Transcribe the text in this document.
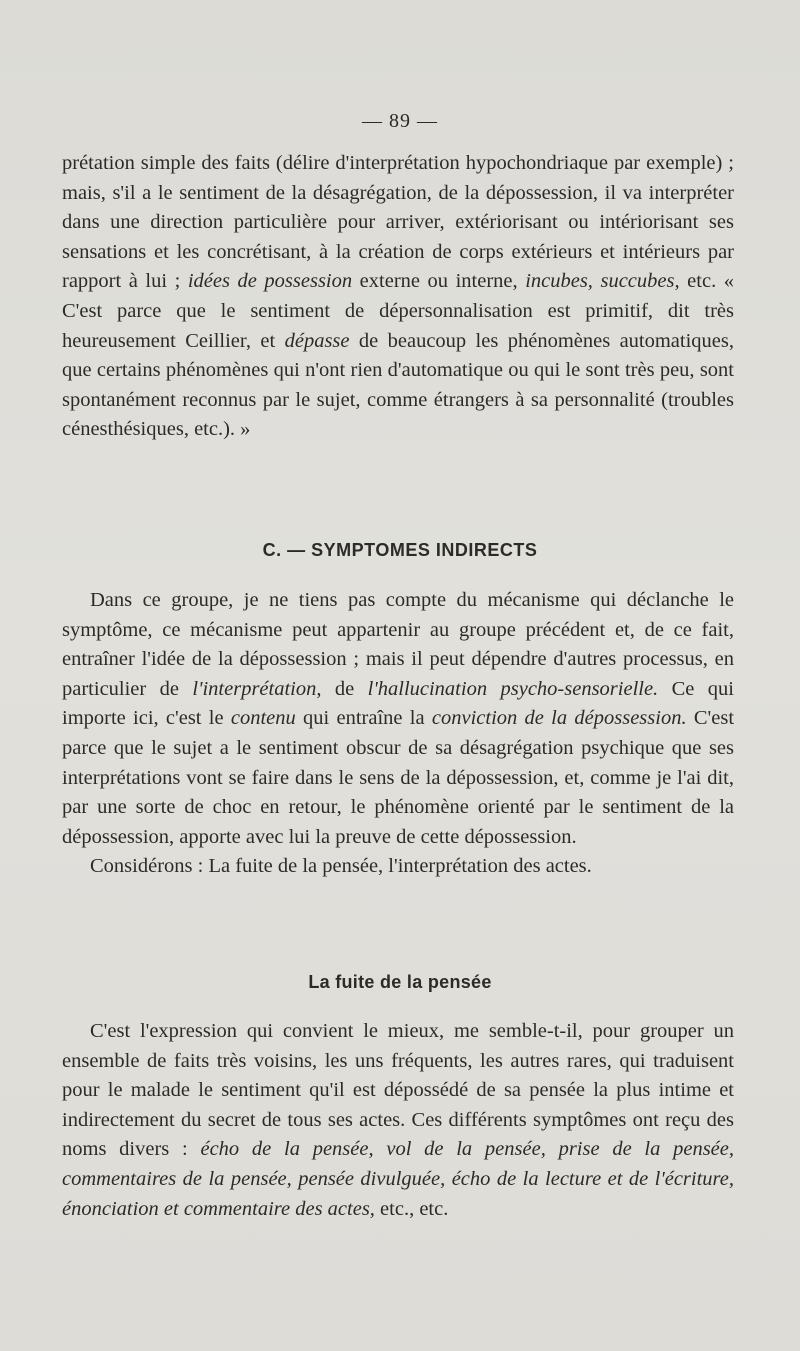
— 89 —

prétation simple des faits (délire d'interprétation hypochondriaque par exemple) ; mais, s'il a le sentiment de la désagrégation, de la dépossession, il va interpréter dans une direction particulière pour arriver, extériorisant ou intériorisant ses sensations et les concrétisant, à la création de corps extérieurs et intérieurs par rapport à lui ; idées de possession externe ou interne, incubes, succubes, etc. « C'est parce que le sentiment de dépersonnalisation est primitif, dit très heureusement Ceillier, et dépasse de beaucoup les phénomènes automatiques, que certains phénomènes qui n'ont rien d'automatique ou qui le sont très peu, sont spontanément reconnus par le sujet, comme étrangers à sa personnalité (troubles cénesthésiques, etc.). »

C. — SYMPTOMES INDIRECTS

Dans ce groupe, je ne tiens pas compte du mécanisme qui déclanche le symptôme, ce mécanisme peut appartenir au groupe précédent et, de ce fait, entraîner l'idée de la dépossession ; mais il peut dépendre d'autres processus, en particulier de l'interprétation, de l'hallucination psycho-sensorielle. Ce qui importe ici, c'est le contenu qui entraîne la conviction de la dépossession. C'est parce que le sujet a le sentiment obscur de sa désagrégation psychique que ses interprétations vont se faire dans le sens de la dépossession, et, comme je l'ai dit, par une sorte de choc en retour, le phénomène orienté par le sentiment de la dépossession, apporte avec lui la preuve de cette dépossession.

Considérons : La fuite de la pensée, l'interprétation des actes.

La fuite de la pensée

C'est l'expression qui convient le mieux, me semble-t-il, pour grouper un ensemble de faits très voisins, les uns fréquents, les autres rares, qui traduisent pour le malade le sentiment qu'il est dépossédé de sa pensée la plus intime et indirectement du secret de tous ses actes. Ces différents symptômes ont reçu des noms divers : écho de la pensée, vol de la pensée, prise de la pensée, commentaires de la pensée, pensée divulguée, écho de la lecture et de l'écriture, énonciation et commentaire des actes, etc., etc.
